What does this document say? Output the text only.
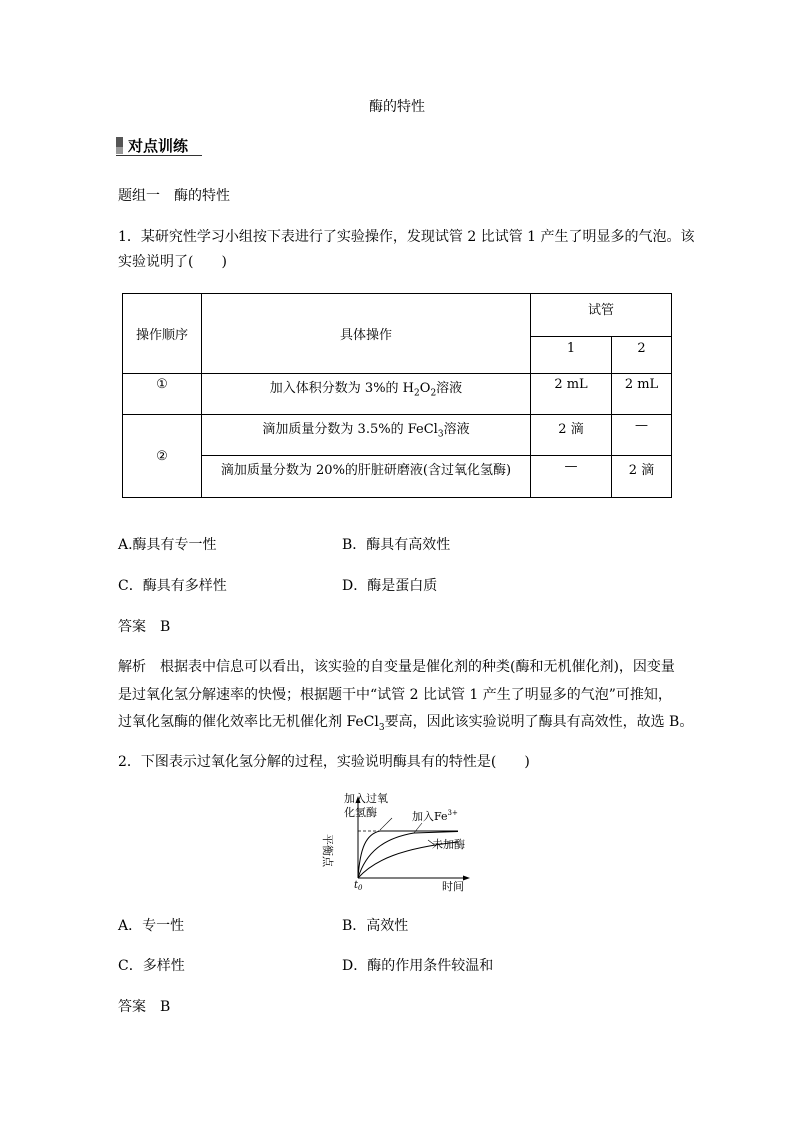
酶的特性
对点训练
题组一　酶的特性
1．某研究性学习小组按下表进行了实验操作，发现试管 2 比试管 1 产生了明显多的气泡。该
实验说明了(　　)
操作顺序	具体操作	试管	
		1	2
①	加入体积分数为 3%的 $H_2O_2$溶液	2 mL	2 mL
②	滴加质量分数为 3.5%的 FeCl$_3$溶液	2 滴	—
	滴加质量分数为 20%的肝脏研磨液(含过氧化氢酶)	—	2 滴
A.酶具有专一性	B．酶具有高效性
C．酶具有多样性	D．酶是蛋白质
答案　B
解析　根据表中信息可以看出，该实验的自变量是催化剂的种类(酶和无机催化剂)，因变量
是过氧化氢分解速率的快慢；根据题干中“试管 2 比试管 1 产生了明显多的气泡”可推知，
过氧化氢酶的催化效率比无机催化剂 FeCl$_3$要高，因此该实验说明了酶具有高效性，故选 B。
2．下图表示过氧化氢分解的过程，实验说明酶具有的特性是(　　)
平衡点
时间
$t_0$
加入过氧
化氢酶	加入$Fe^{3+}$
未加酶
A．专一性	B．高效性
C．多样性	D．酶的作用条件较温和
答案　B
